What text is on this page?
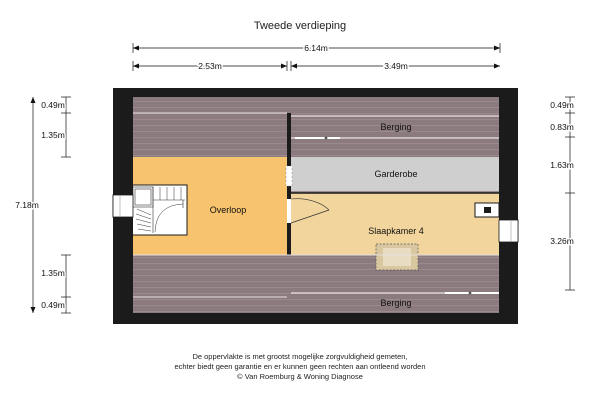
Tweede verdieping
6.14m
2.53m	3.49m
7.18m
0.49m
1.35m
1.35m
0.49m
0.49m
0.83m
1.63m
3.26m
Berging
Garderobe
Overloop
Slaapkamer 4
Berging
De oppervlakte is met grootst mogelijke zorgvuldigheid gemeten,
echter biedt geen garantie en er kunnen geen rechten aan ontleend worden
© Van Roemburg & Woning Diagnose
